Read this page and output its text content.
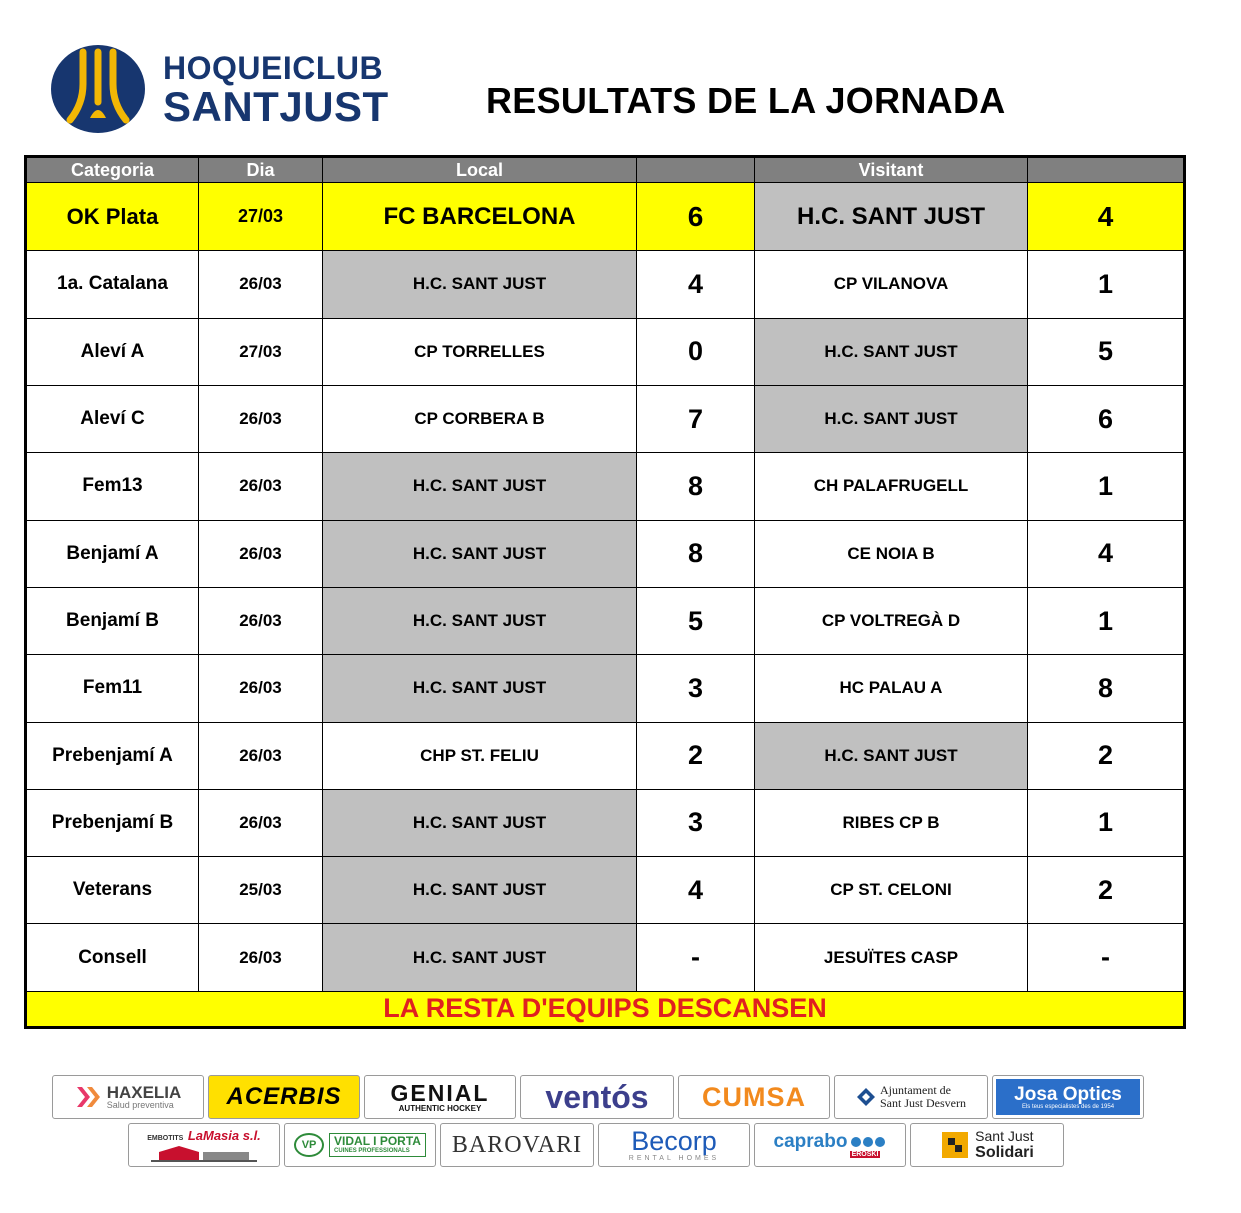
HOQUEICLUB
SANTJUST	RESULTATS DE LA JORNADA
Categoria	Dia	Local		Visitant	
OK Plata	27/03	FC BARCELONA	6	H.C. SANT JUST	4
1a. Catalana	26/03	H.C. SANT JUST	4	CP VILANOVA	1
Aleví A	27/03	CP TORRELLES	0	H.C. SANT JUST	5
Aleví C	26/03	CP CORBERA B	7	H.C. SANT JUST	6
Fem13	26/03	H.C. SANT JUST	8	CH PALAFRUGELL	1
Benjamí A	26/03	H.C. SANT JUST	8	CE NOIA B	4
Benjamí B	26/03	H.C. SANT JUST	5	CP VOLTREGÀ D	1
Fem11	26/03	H.C. SANT JUST	3	HC PALAU A	8
Prebenjamí A	26/03	CHP ST. FELIU	2	H.C. SANT JUST	2
Prebenjamí B	26/03	H.C. SANT JUST	3	RIBES CP B	1
Veterans	25/03	H.C. SANT JUST	4	CP ST. CELONI	2
Consell	26/03	H.C. SANT JUST	-	JESUÏTES CASP	-
LA RESTA D'EQUIPS DESCANSEN					
HAXELIA
Salud preventiva	ACERBIS GENIAL
AUTHENTIC HOCKEY ventós CUMSA	Ajuntament de
Sant Just Desvern	Josa Optics
Els teus especialistes des de 1954
EMBOTITS LaMasia s.l.
VP	VIDAL I PORTA
CUINES PROFESSIONALS	BAROVARI Becorp
RENTAL HOMES
caprabo
EROSKI
Sant Just
Solidari
